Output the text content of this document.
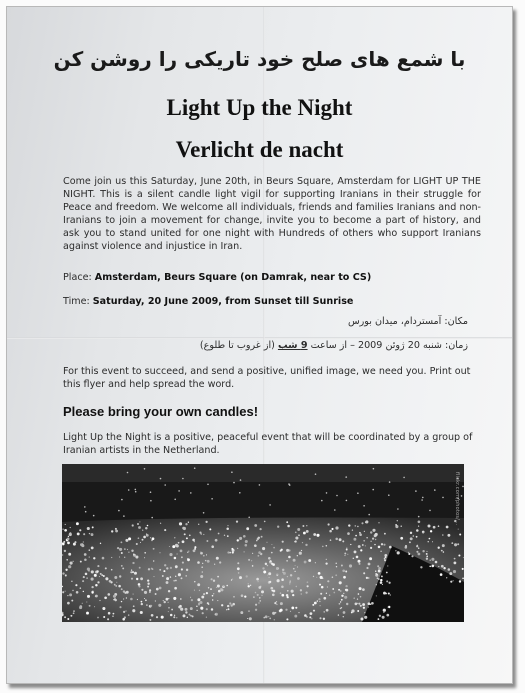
با شمع های صلح خود تاریکی را روشن کن
Light Up the Night
Verlicht de nacht
Come join us this Saturday, June 20th, in Beurs Square, Amsterdam for LIGHT UP THE NIGHT. This is a silent candle light vigil for supporting Iranians in their struggle for Peace and freedom. We welcome all individuals, friends and families Iranians and non- Iranians to join a movement for change, invite you to become a part of history, and ask you to stand united for one night with Hundreds of others who support Iranians against violence and injustice in Iran.
Place: Amsterdam, Beurs Square (on Damrak, near to CS)
Time: Saturday, 20 June 2009, from Sunset till Sunrise
مکان: آمستردام، میدان بورس
زمان: شنبه 20 ژوئن 2009 – از ساعت 9 شب (از غروب تا طلوع)
For this event to succeed, and send a positive, unified image, we need you. Print out this flyer and help spread the word.
Please bring your own candles!
Light Up the Night is a positive, peaceful event that will be coordinated by a group of Iranian artists in the Netherland.
flickr.com/photos/...
